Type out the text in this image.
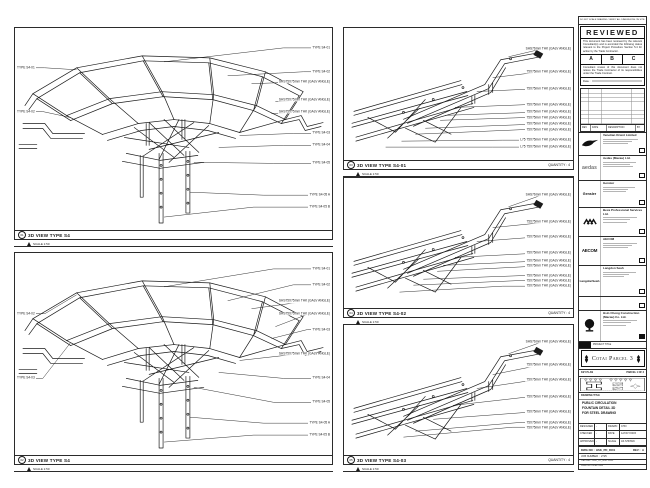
TYPE S4-01
TYPE S4-02
SHS75X75mm THK (GALV ANGLE)
SHS75X75mm THK (GALV ANGLE)
SHS75X75mm THK (GALV ANGLE)
TYPE S4-03
TYPE S4-04
TYPE S4-05
TYPE S4-05 A
TYPE S4-05 B
TYPE S4-01
TYPE S4-02
01 3D VIEW TYPE S4
SCALE 1:50
TYPE S4-01
TYPE S4-02
SHS75X75mm THK (GALV ANGLE)
SHS75X75mm THK (GALV ANGLE)
TYPE S4-03
SHS75X75mm THK (GALV ANGLE)
TYPE S4-04
TYPE S4-05
TYPE S4-05 A
TYPE S4-05 B
TYPE S4-02
TYPE S4-03
02 3D VIEW TYPE S4
SCALE 1:50
SHS76mm THK (GALV ANGLE)
75X75mm THK (GALV ANGLE)
75X75mm THK (GALV ANGLE)
75X75mm THK (GALV ANGLE)
75X75mm THK (GALV ANGLE)
75X75mm THK (GALV ANGLE)
75X75mm THK (GALV ANGLE)
75X75mm THK (GALV ANGLE)
L75 75X75mm THK (GALV ANGLE)
L75 75X75mm THK (GALV ANGLE)
03 3D VIEW TYPE S4-01	QUANTITY : 4
SCALE 1:50
SHS76mm THK (GALV ANGLE)
75X75mm THK (GALV ANGLE)
75X75mm THK (GALV ANGLE)
75X75mm THK (GALV ANGLE)
75X75mm THK (GALV ANGLE)
75X75mm THK (GALV ANGLE)
75X75mm THK (GALV ANGLE)
75X75mm THK (GALV ANGLE)
75X75mm THK (GALV ANGLE)
04 3D VIEW TYPE S4-02	QUANTITY : 4
SCALE 1:50
SHS76mm THK (GALV ANGLE)
75X75mm THK (GALV ANGLE)
75X75mm THK (GALV ANGLE)
75X75mm THK (GALV ANGLE)
75X75mm THK (GALV ANGLE)
75X75mm THK (GALV ANGLE)
75X75mm THK (GALV ANGLE)
05 3D VIEW TYPE S4-03	QUANTITY : 4
SCALE 1:50
DO NOT SCALE DRAWING. VERIFY ALL DIMENSIONS ON SITE.
REVIEWED
This document has been reviewed by the relevant Consultant(s) and is accorded the following status relevant to the Project Procedure Section 5.4 for action by the Trade Contractor.
A	B	C
Consultant review of this document does not relieve the Trade Contractor of its responsibilities under the Trade Contract.
Date :
REV	DATE	DESCRIPTION	BY
Venetian Orient Limited
aedas
Aedas (Macau) Ltd.
Gensler
Gensler
Beca Professional Services Ltd.
AECOM
AECOM
LangdonSeah
Langdon Seah
Hsin Chong Construction (Macau) Co. Ltd.
PROJECT TITLE
Cotai Parcel 3
KEY PLAN	PARCEL 1 OF 3
DRAWING TITLE
PUBLIC CIRCULATION
FOUNTAIN DETAIL 3D
FOR STEEL DRAWING
DESIGNED	-	DRAWN	CHO
CHECKED	-	DATE	12/OCT/2015
APPROVED -	SCALE	AS SHOWN
DWG NO : HSK_PD_0001	REV : A
JOB NUMBER : 2725
CAD REF : HSK_PD_0001.DWG
PRINTED ON A1 SIZE
